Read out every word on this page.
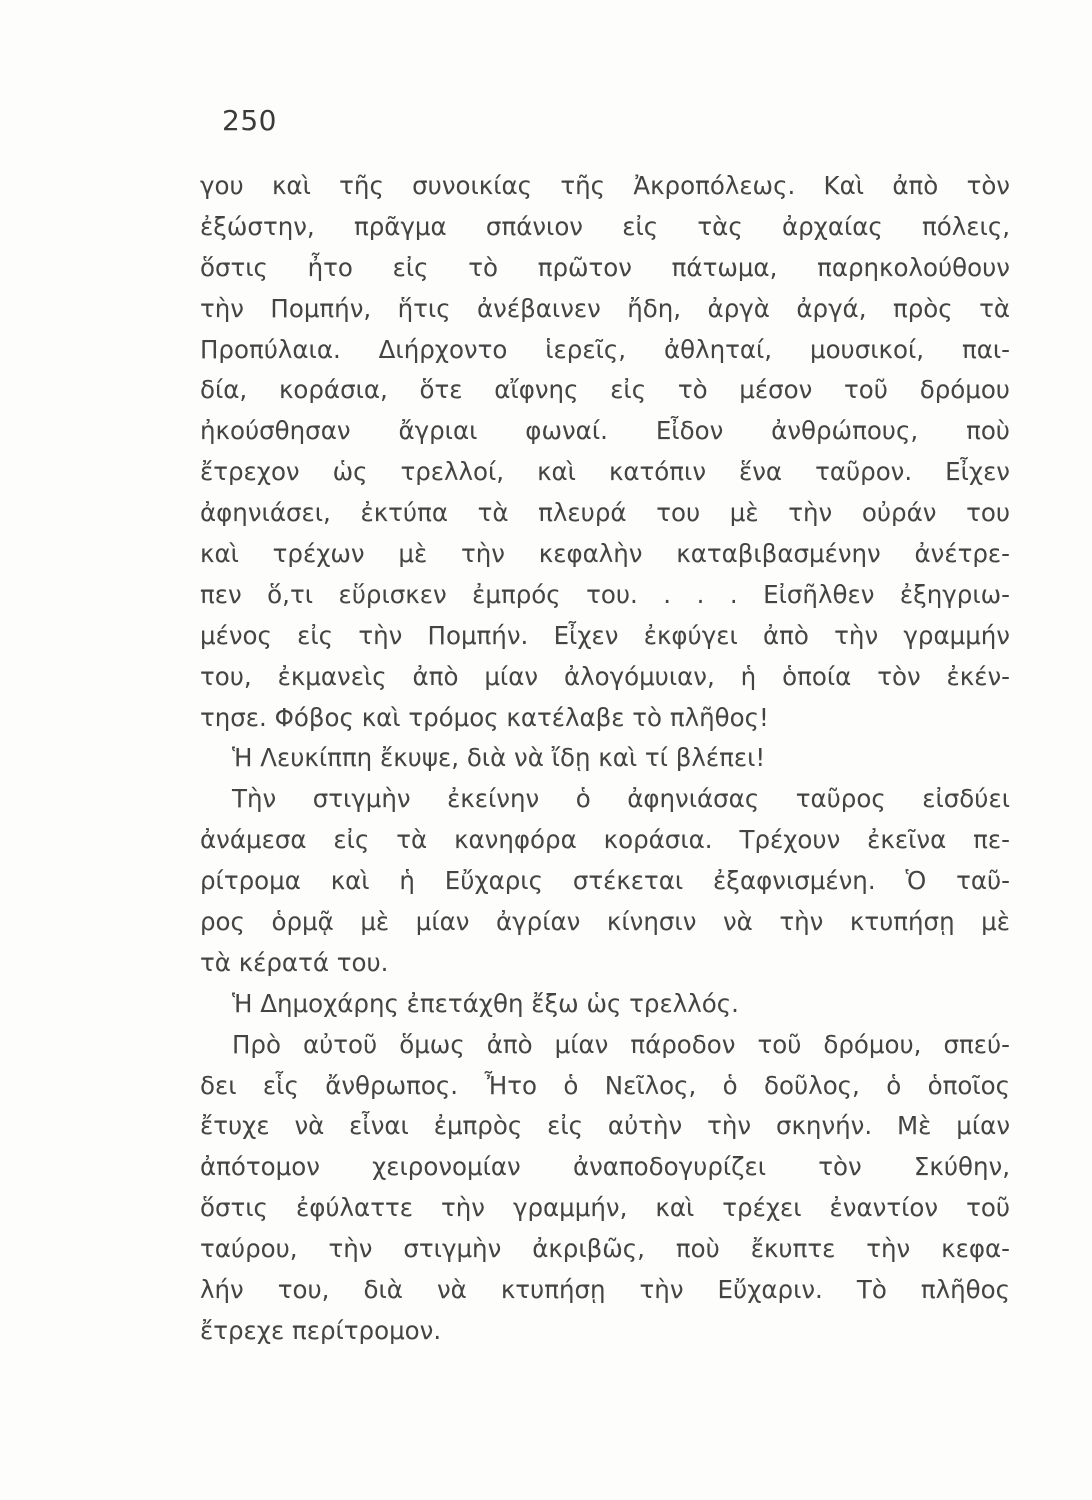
250
γου καὶ τῆς συνοικίας τῆς Ἀκροπόλεως. Καὶ ἀπὸ τὸν
ἐξώστην, πρᾶγμα σπάνιον εἰς τὰς ἀρχαίας πόλεις,
ὅστις ἦτο εἰς τὸ πρῶτον πάτωμα, παρηκολούθουν
τὴν Πομπήν, ἥτις ἀνέβαινεν ἤδη, ἀργὰ ἀργά, πρὸς τὰ
Προπύλαια. Διήρχοντο ἱερεῖς, ἀθληταί, μουσικοί, παι-
δία, κοράσια, ὅτε αἴφνης εἰς τὸ μέσον τοῦ δρόμου
ἠκούσθησαν ἄγριαι φωναί. Εἶδον ἀνθρώπους, ποὺ
ἔτρεχον ὡς τρελλοί, καὶ κατόπιν ἕνα ταῦρον. Εἶχεν
ἀφηνιάσει, ἐκτύπα τὰ πλευρά του μὲ τὴν οὐράν του
καὶ τρέχων μὲ τὴν κεφαλὴν καταβιβασμένην ἀνέτρε-
πεν ὅ,τι εὕρισκεν ἐμπρός του. . . . Εἰσῆλθεν ἐξηγριω-
μένος εἰς τὴν Πομπήν. Εἶχεν ἐκφύγει ἀπὸ τὴν γραμμήν
του, ἐκμανεὶς ἀπὸ μίαν ἀλογόμυιαν, ἡ ὁποία τὸν ἐκέν-
τησε. Φόβος καὶ τρόμος κατέλαβε τὸ πλῆθος!
Ἡ Λευκίππη ἔκυψε, διὰ νὰ ἴδῃ καὶ τί βλέπει!
Τὴν στιγμὴν ἐκείνην ὁ ἀφηνιάσας ταῦρος εἰσδύει
ἀνάμεσα εἰς τὰ κανηφόρα κοράσια. Τρέχουν ἐκεῖνα πε-
ρίτρομα καὶ ἡ Εὔχαρις στέκεται ἐξαφνισμένη. Ὁ ταῦ-
ρος ὁρμᾷ μὲ μίαν ἀγρίαν κίνησιν νὰ τὴν κτυπήσῃ μὲ
τὰ κέρατά του.
Ἡ Δημοχάρης ἐπετάχθη ἔξω ὡς τρελλός.
Πρὸ αὐτοῦ ὅμως ἀπὸ μίαν πάροδον τοῦ δρόμου, σπεύ-
δει εἷς ἄνθρωπος. Ἦτο ὁ Νεῖλος, ὁ δοῦλος, ὁ ὁποῖος
ἔτυχε νὰ εἶναι ἐμπρὸς εἰς αὐτὴν τὴν σκηνήν. Μὲ μίαν
ἀπότομον χειρονομίαν ἀναποδογυρίζει τὸν Σκύθην,
ὅστις ἐφύλαττε τὴν γραμμήν, καὶ τρέχει ἐναντίον τοῦ
ταύρου, τὴν στιγμὴν ἀκριβῶς, ποὺ ἔκυπτε τὴν κεφα-
λήν του, διὰ νὰ κτυπήσῃ τὴν Εὔχαριν. Τὸ πλῆθος
ἔτρεχε περίτρομον.
